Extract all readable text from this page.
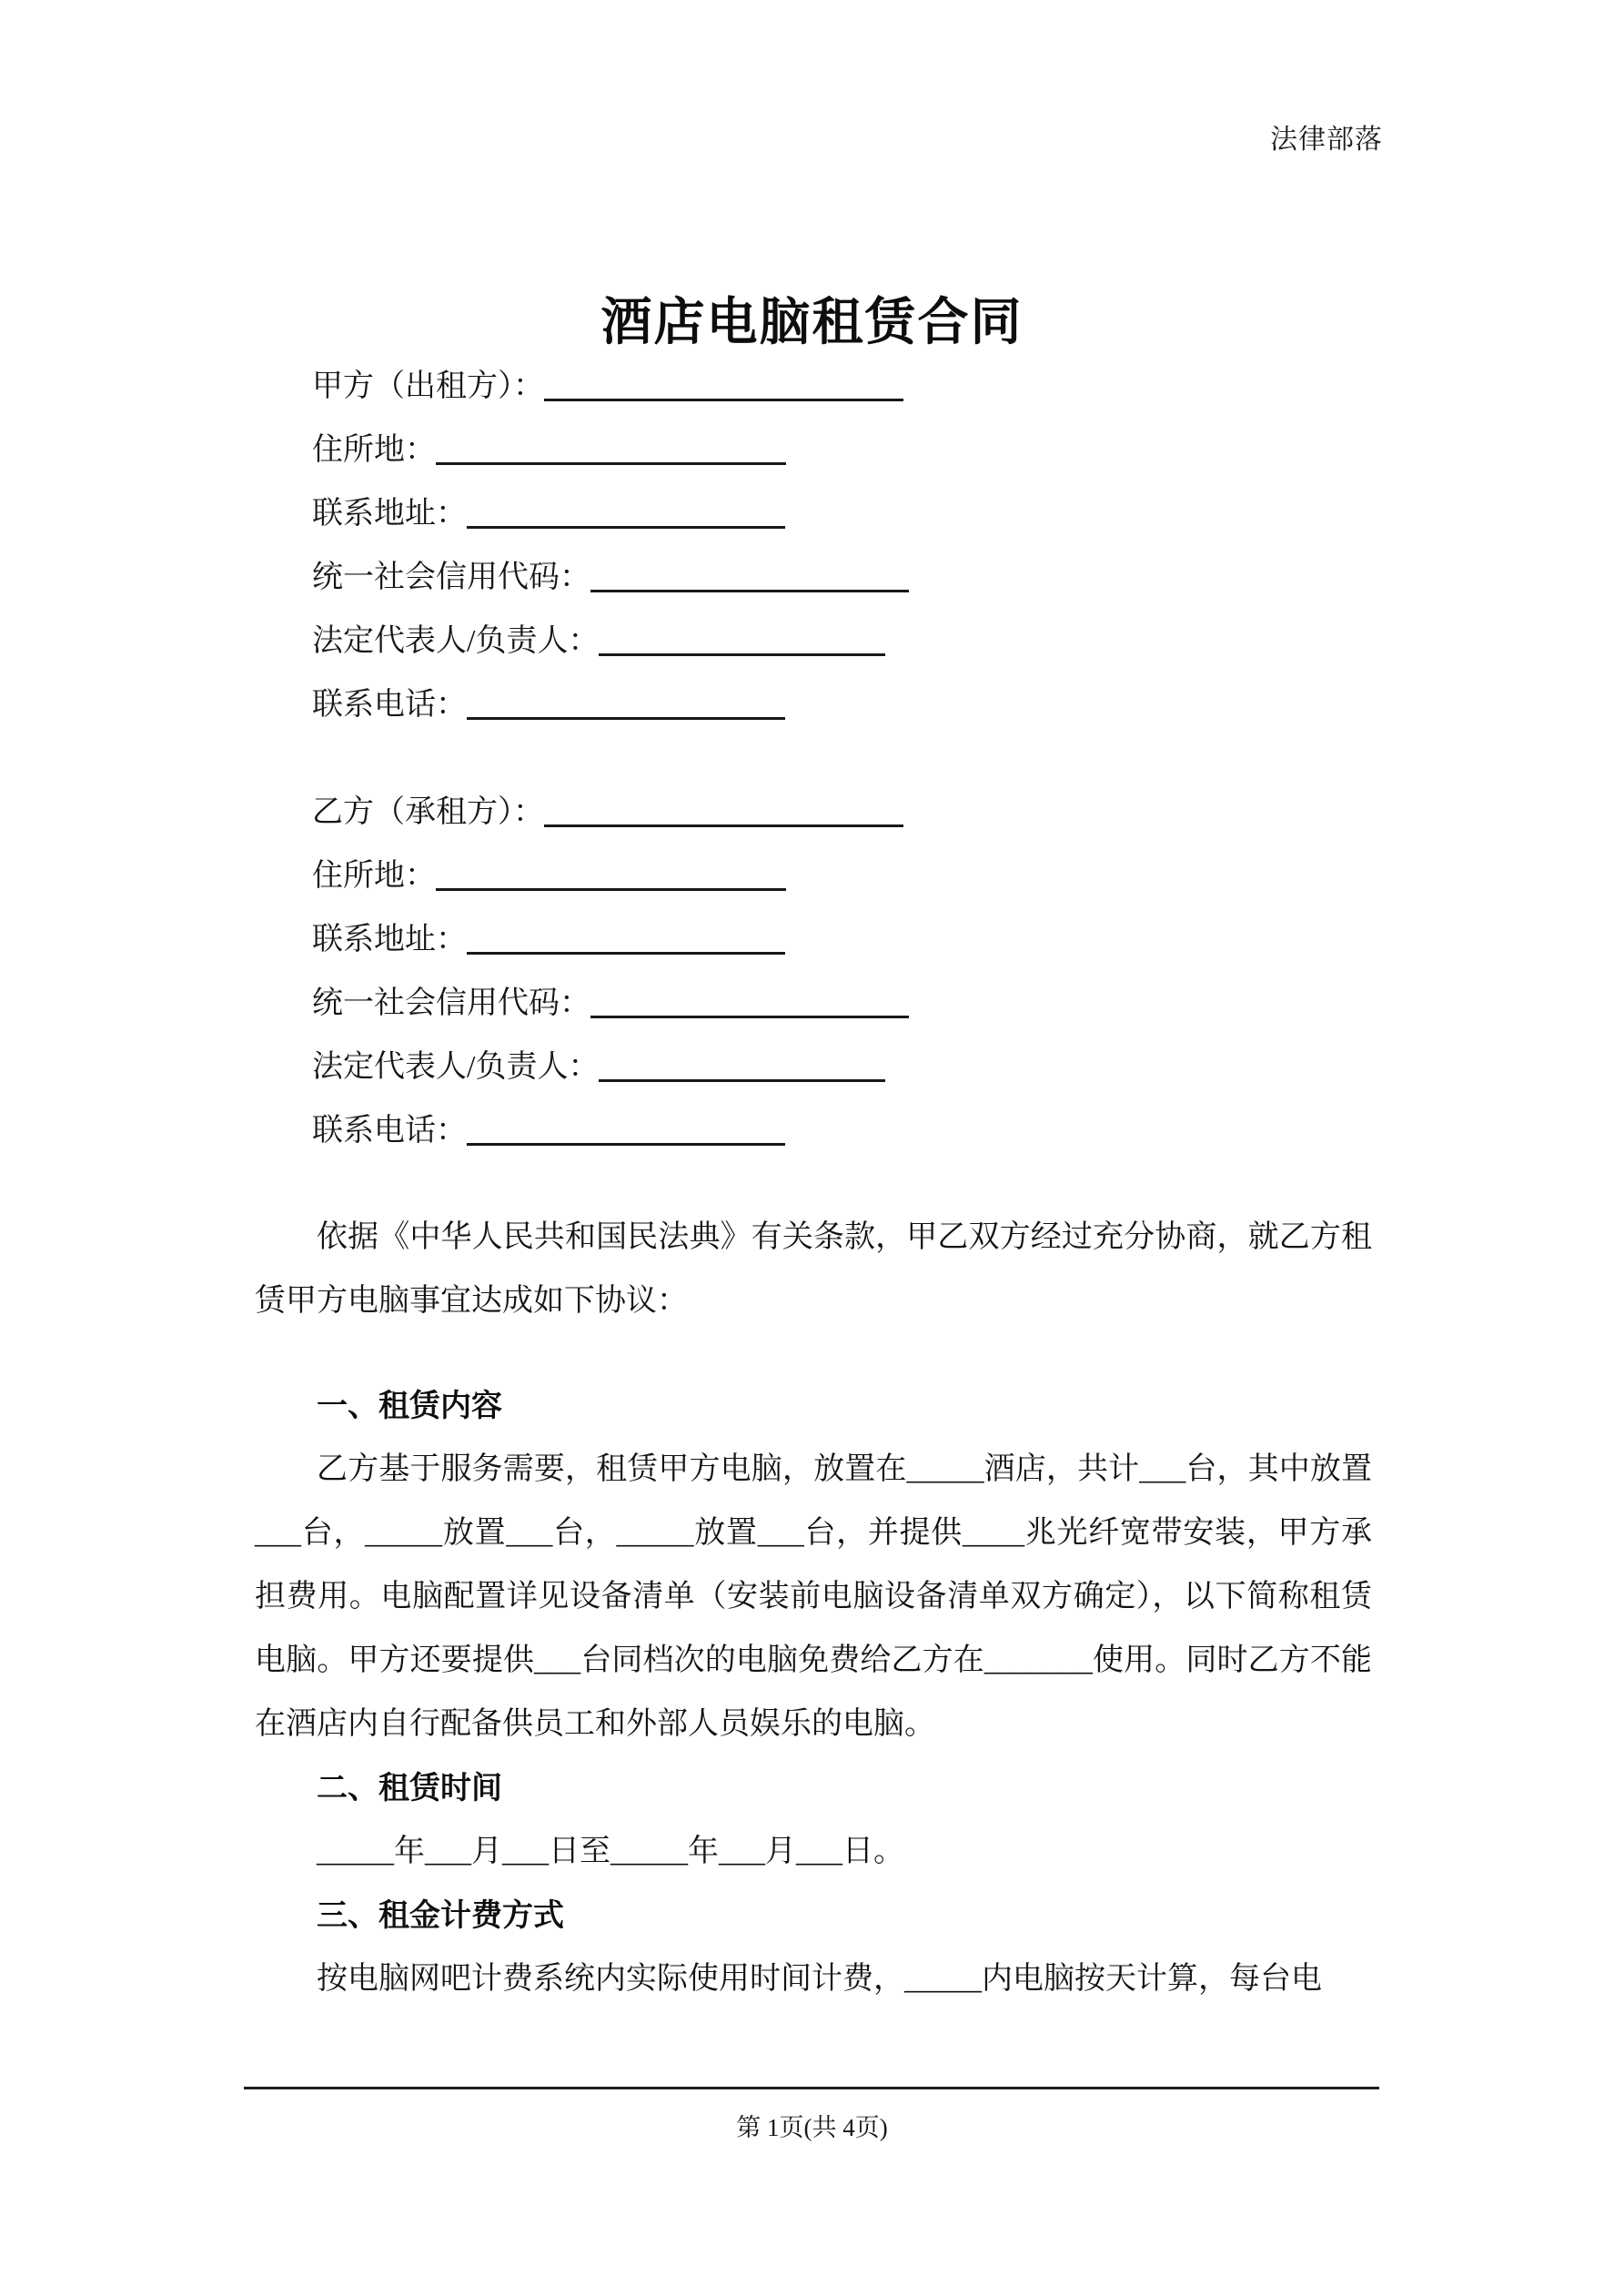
法律部落
酒店电脑租赁合同
甲方（出租方）：
住所地：
联系地址：
统一社会信用代码：
法定代表人/负责人：
联系电话：
乙方（承租方）：
住所地：
联系地址：
统一社会信用代码：
法定代表人/负责人：
联系电话：

依据《中华人民共和国民法典》有关条款，甲乙双方经过充分协商，就乙方租赁甲方电脑事宜达成如下协议：

一、租赁内容

乙方基于服务需要，租赁甲方电脑，放置在_____酒店，共计___台，其中放置___台，_____放置___台，_____放置___台，并提供____兆光纤宽带安装，甲方承担费用。电脑配置详见设备清单（安装前电脑设备清单双方确定），以下简称租赁电脑。甲方还要提供___台同档次的电脑免费给乙方在_______使用。同时乙方不能在酒店内自行配备供员工和外部人员娱乐的电脑。

二、租赁时间

_____年___月___日至_____年___月___日。

三、租金计费方式

按电脑网吧计费系统内实际使用时间计费，_____内电脑按天计算，每台电

第 1页(共 4页)
